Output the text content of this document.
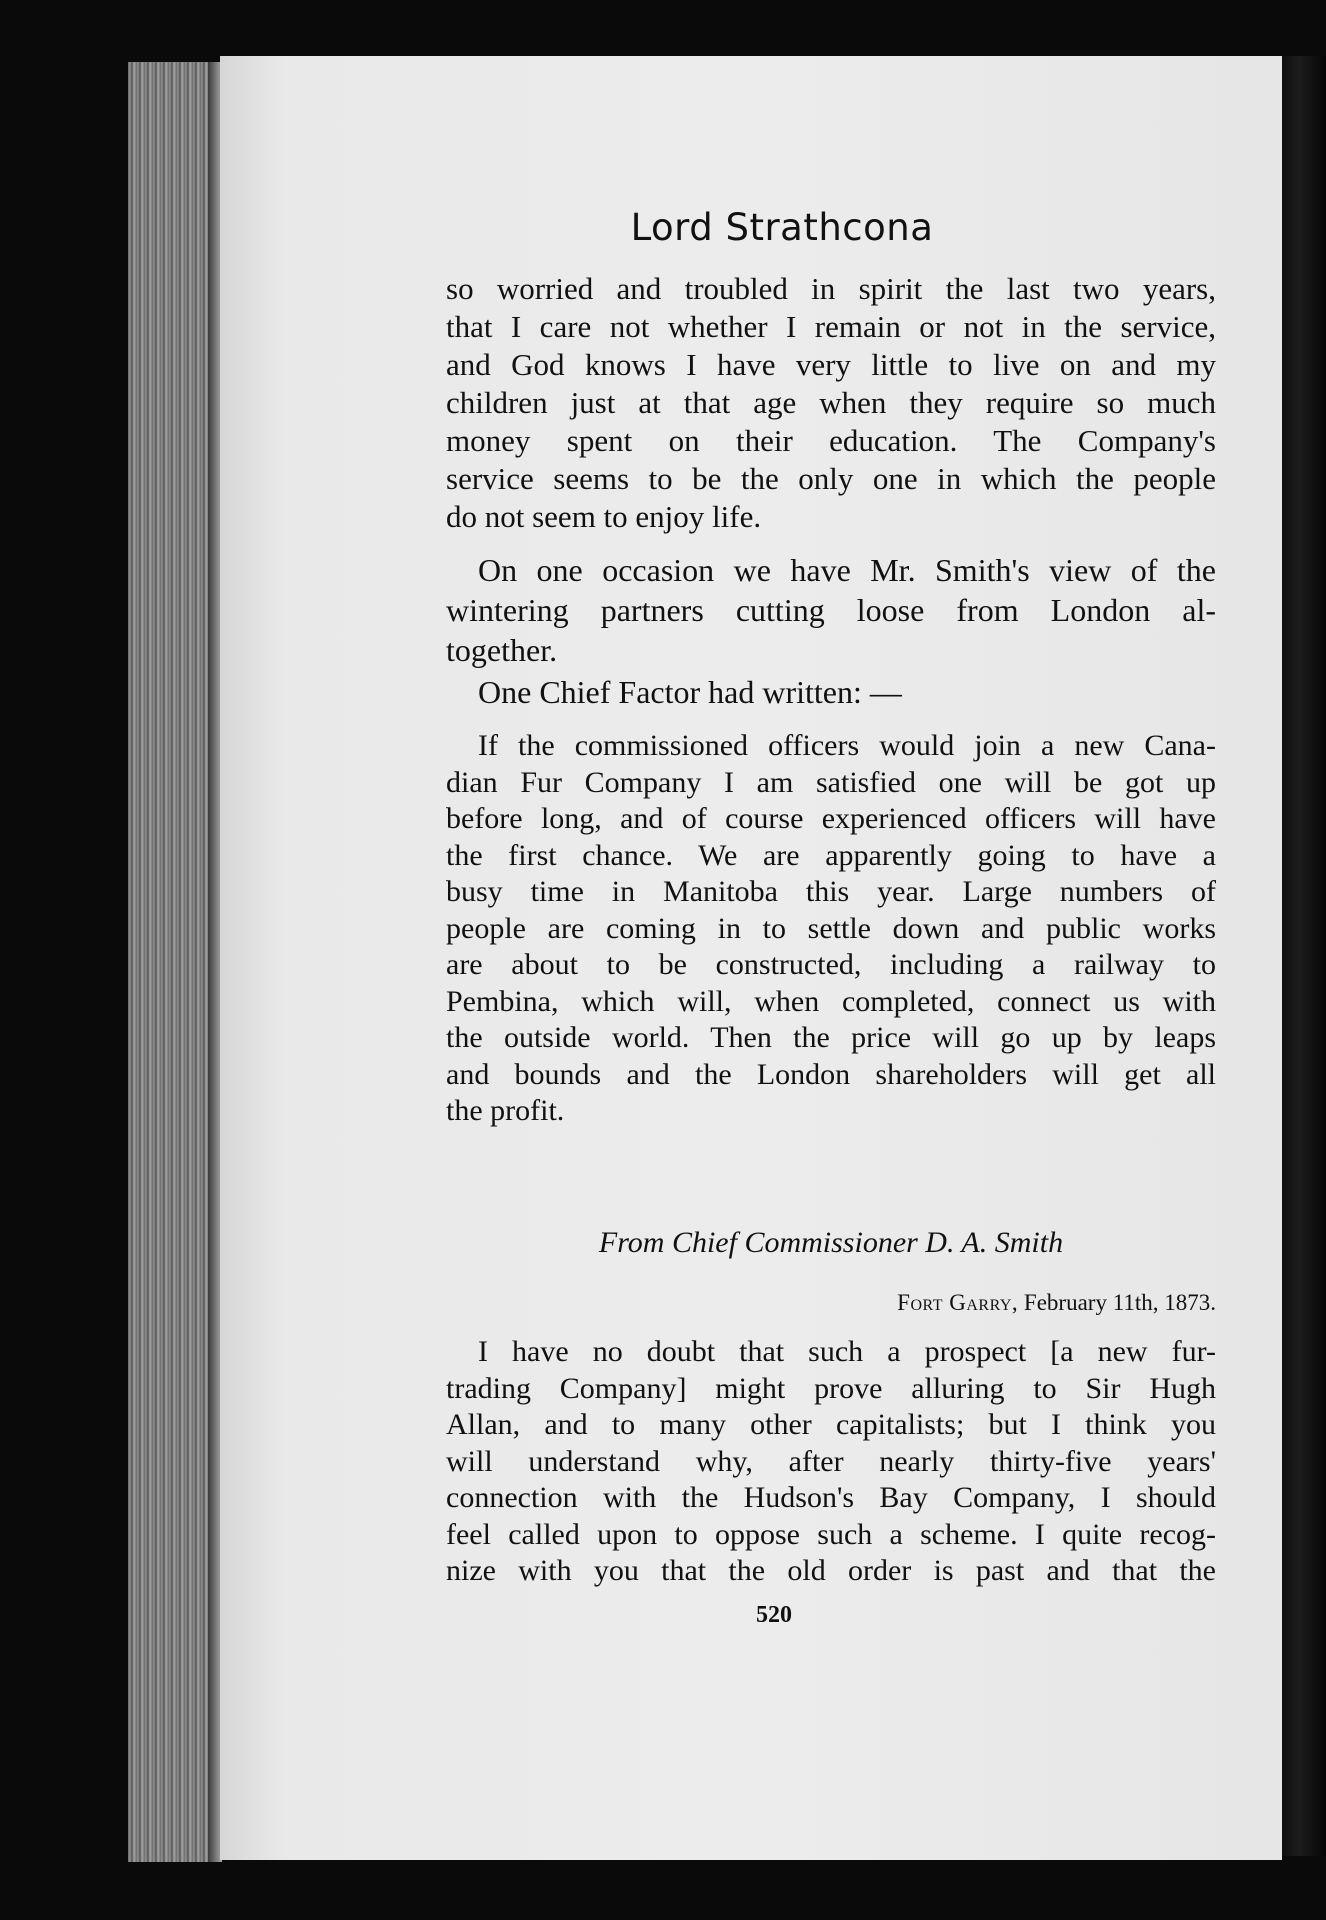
Lord Strathcona
so worried and troubled in spirit the last two years,
that I care not whether I remain or not in the service,
and God knows I have very little to live on and my
children just at that age when they require so much
money spent on their education. The Company's
service seems to be the only one in which the people
do not seem to enjoy life.
On one occasion we have Mr. Smith's view of the
wintering partners cutting loose from London al-
together.
One Chief Factor had written: —
If the commissioned officers would join a new Cana-
dian Fur Company I am satisfied one will be got up
before long, and of course experienced officers will have
the first chance. We are apparently going to have a
busy time in Manitoba this year. Large numbers of
people are coming in to settle down and public works
are about to be constructed, including a railway to
Pembina, which will, when completed, connect us with
the outside world. Then the price will go up by leaps
and bounds and the London shareholders will get all
the profit.
From Chief Commissioner D. A. Smith
Fort Garry, February 11th, 1873.
I have no doubt that such a prospect [a new fur-
trading Company] might prove alluring to Sir Hugh
Allan, and to many other capitalists; but I think you
will understand why, after nearly thirty-five years'
connection with the Hudson's Bay Company, I should
feel called upon to oppose such a scheme. I quite recog-
nize with you that the old order is past and that the
520
